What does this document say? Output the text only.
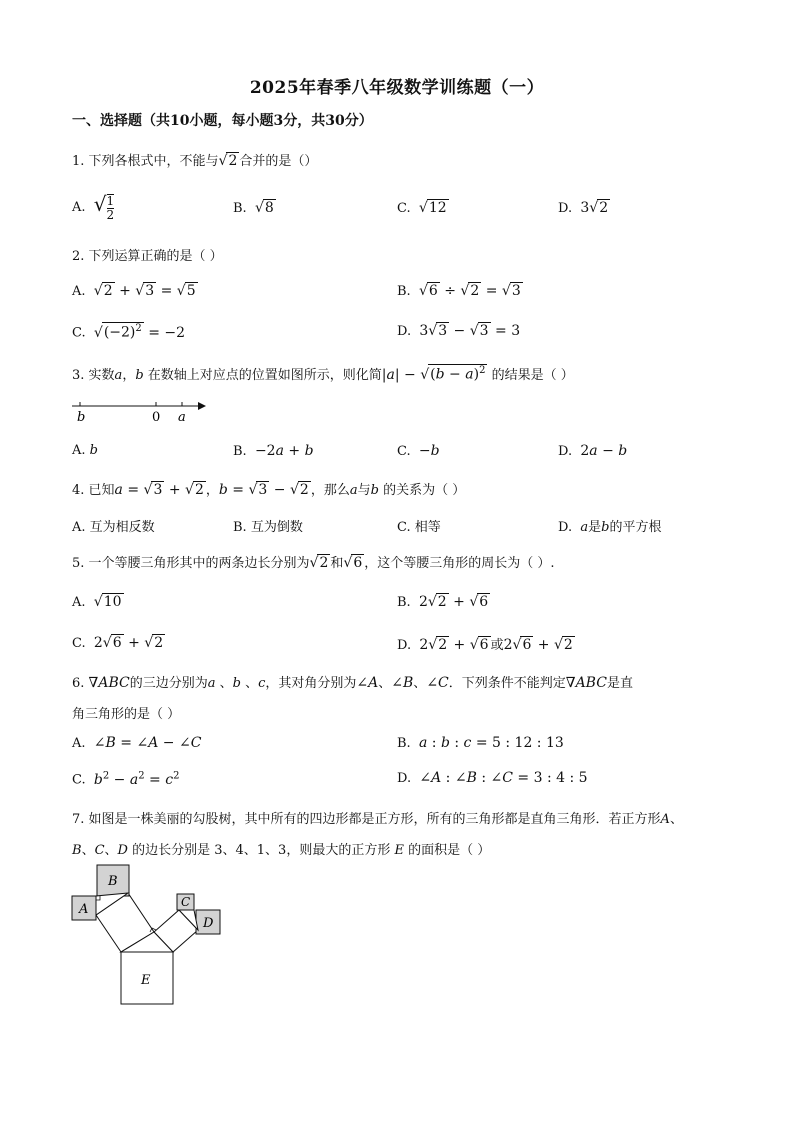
2025年春季八年级数学训练题（一）
一、选择题（共10小题，每小题3分，共30分）
1. 下列各根式中，不能与√2 合并的是（）
A.  √ $\frac{1}{2}$	B.  √8	C.  √12	D.  3√2
2. 下列运算正确的是（ ）
A.  √2 + √3 = √5	B.  √6 ÷ √2 = √3
C.  $√(-2)^2 = -2$	D.  3√3 − √3 = 3
3. 实数a，b 在数轴上对应点的位置如图所示，则化简$|a| - √(b - a)^2$ 的结果是（ ）
b	0 a
A. b	B.  −2a + b	C.  −b	D.  2a − b
4. 已知a = √3 + √2 ，b = √3 − √2 ，那么a与b 的关系为（ ）
A. 互为相反数	B. 互为倒数	C. 相等	D.  a是b的平方根
5. 一个等腰三角形其中的两条边长分别为√2 和√6 ，这个等腰三角形的周长为（ ）.
A.  √10	B.  2√2 + √6
C.  2√6 + √2	D.  2√2 + √6 或2√6 + √2
6. ∇ABC的三边分别为a 、b 、c，其对角分别为∠A、∠B、∠C．下列条件不能判定∇ABC是直
角三角形的是（ ）
A.  ∠B = ∠A − ∠C	B.  a : b : c = 5 : 12 : 13
C.  $b^2 - a^2 = c^2$	D.  ∠A : ∠B : ∠C = 3 : 4 : 5
7. 如图是一株美丽的勾股树，其中所有的四边形都是正方形，所有的三角形都是直角三角形．若正方形A、
B、C、D 的边长分别是 3、4、1、3，则最大的正方形 E 的面积是（ ）
A
B
C
D
E
